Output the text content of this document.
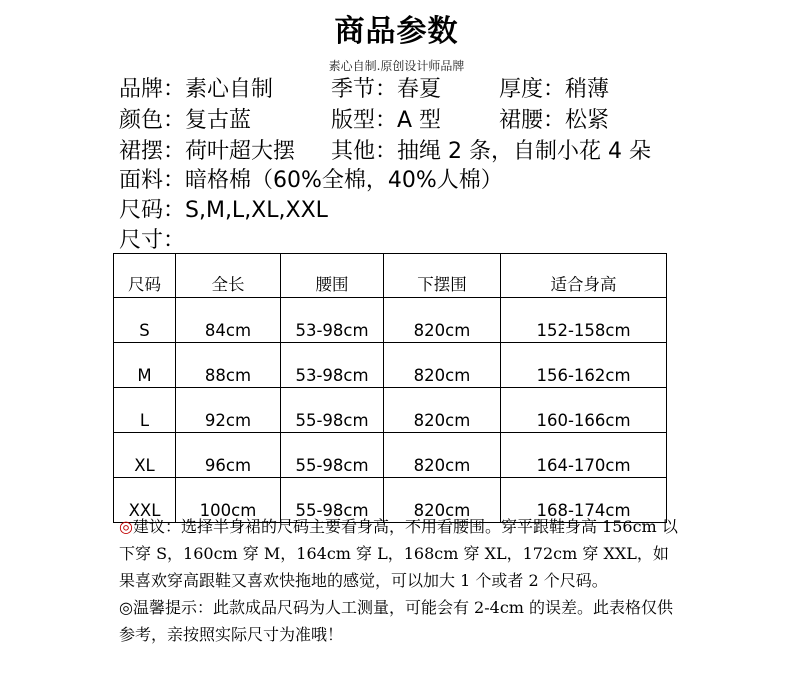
商品参数
素心自制.原创设计师品牌
品牌：素心自制	季节：春夏	厚度：稍薄
颜色：复古蓝	版型：A 型	裙腰：松紧
裙摆：荷叶超大摆 其他：抽绳 2 条，自制小花 4 朵
面料：暗格棉（60%全棉，40%人棉）
尺码：S,M,L,XL,XXL
尺寸：
尺码	全长	腰围	下摆围	适合身高
S	84cm	53-98cm	820cm	152-158cm
M	88cm	53-98cm	820cm	156-162cm
L	92cm	55-98cm	820cm	160-166cm
XL	96cm	55-98cm	820cm	164-170cm
XXL	100cm	55-98cm	820cm	168-174cm

◎建议：选择半身裙的尺码主要看身高，不用看腰围。穿平跟鞋身高 156cm 以下穿 S，160cm 穿 M，164cm 穿 L，168cm 穿 XL，172cm 穿 XXL，如果喜欢穿高跟鞋又喜欢快拖地的感觉，可以加大 1 个或者 2 个尺码。

◎温馨提示：此款成品尺码为人工测量，可能会有 2-4cm 的误差。此表格仅供参考，亲按照实际尺寸为准哦！
